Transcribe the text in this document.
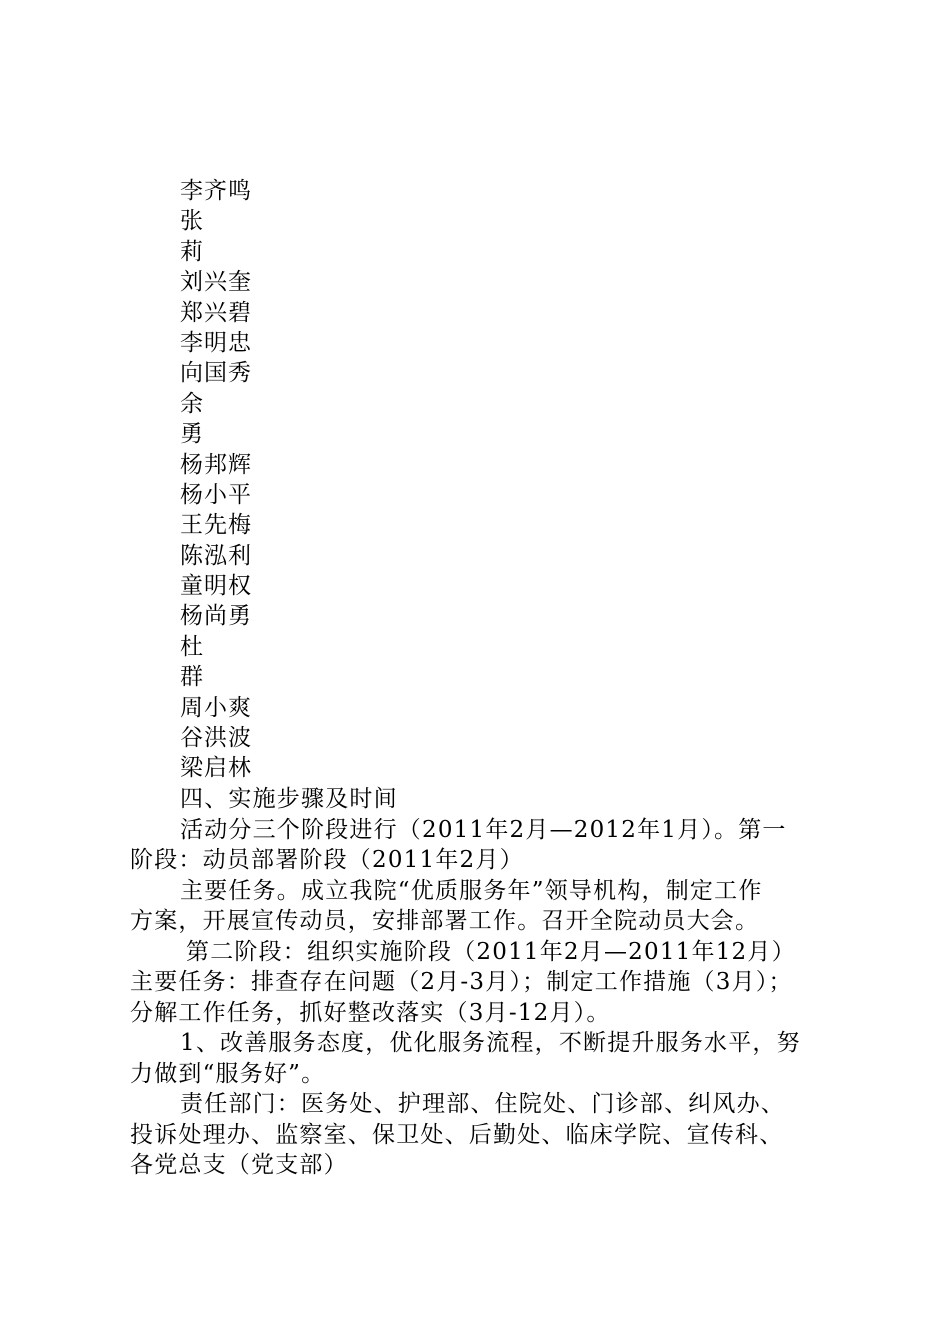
李齐鸣
张
莉
刘兴奎
郑兴碧
李明忠
向国秀
余
勇
杨邦辉
杨小平
王先梅
陈泓利
童明权
杨尚勇
杜
群
周小爽
谷洪波
梁启林
四、实施步骤及时间
活动分三个阶段进行（2011年2月—2012年1月）。第一
阶段：动员部署阶段（2011年2月）
主要任务。成立我院“优质服务年”领导机构，制定工作
方案，开展宣传动员，安排部署工作。召开全院动员大会。
第二阶段：组织实施阶段（2011年2月—2011年12月）
主要任务：排查存在问题（2月-3月）；制定工作措施（3月）；
分解工作任务，抓好整改落实（3月-12月）。
1、改善服务态度，优化服务流程，不断提升服务水平，努
力做到“服务好”。
责任部门：医务处、护理部、住院处、门诊部、纠风办、
投诉处理办、监察室、保卫处、后勤处、临床学院、宣传科、
各党总支（党支部）
